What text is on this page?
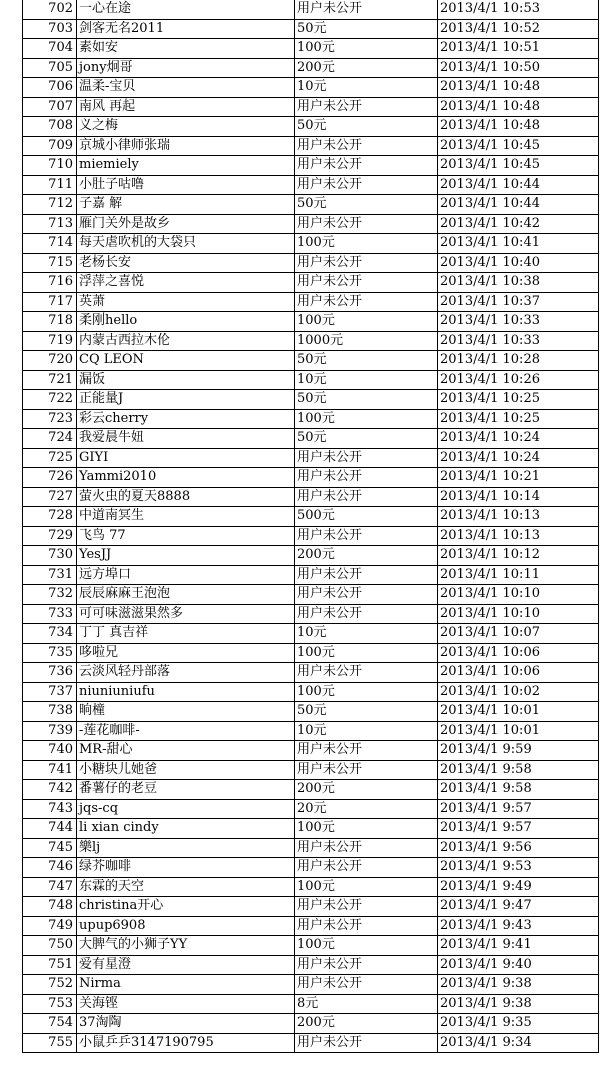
702	一心在途	用户未公开	2013/4/1 10:53
703	剑客无名2011	50元	2013/4/1 10:52
704	素如安	100元	2013/4/1 10:51
705	jony炯哥	200元	2013/4/1 10:50
706	温柔-宝贝	10元	2013/4/1 10:48
707	南风 再起	用户未公开	2013/4/1 10:48
708	义之梅	50元	2013/4/1 10:48
709	京城小律师张瑞	用户未公开	2013/4/1 10:45
710	miemiely	用户未公开	2013/4/1 10:45
711	小肚子咕噜	用户未公开	2013/4/1 10:44
712	子嘉 解	50元	2013/4/1 10:44
713	雁门关外是故乡	用户未公开	2013/4/1 10:42
714	每天虐吹机的大袋只	100元	2013/4/1 10:41
715	老杨长安	用户未公开	2013/4/1 10:40
716	浮萍之喜悦	用户未公开	2013/4/1 10:38
717	英萧	用户未公开	2013/4/1 10:37
718	柔刚hello	100元	2013/4/1 10:33
719	内蒙古西拉木伦	1000元	2013/4/1 10:33
720	CQ LEON	50元	2013/4/1 10:28
721	漏饭	10元	2013/4/1 10:26
722	正能量J	50元	2013/4/1 10:25
723	彩云cherry	100元	2013/4/1 10:25
724	我爱晨牛妞	50元	2013/4/1 10:24
725	GIYI	用户未公开	2013/4/1 10:24
726	Yammi2010	用户未公开	2013/4/1 10:21
727	萤火虫的夏天8888	用户未公开	2013/4/1 10:14
728	中道南冥生	500元	2013/4/1 10:13
729	飞鸟 77	用户未公开	2013/4/1 10:13
730	YesJJ	200元	2013/4/1 10:12
731	远方埠口	用户未公开	2013/4/1 10:11
732	辰辰麻麻王泡泡	用户未公开	2013/4/1 10:10
733	可可味滋滋果然多	用户未公开	2013/4/1 10:10
734	丁丁 真吉祥	10元	2013/4/1 10:07
735	哆啦兄	100元	2013/4/1 10:06
736	云淡风轻丹部落	用户未公开	2013/4/1 10:06
737	niuniuniufu	100元	2013/4/1 10:02
738	晌橦	50元	2013/4/1 10:01
739	-莲花咖啡-	10元	2013/4/1 10:01
740	MR-甜心	用户未公开	2013/4/1 9:59
741	小糖块儿她爸	用户未公开	2013/4/1 9:58
742	番薯仔的老豆	200元	2013/4/1 9:58
743	jqs-cq	20元	2013/4/1 9:57
744	li xian cindy	100元	2013/4/1 9:57
745	樂lj	用户未公开	2013/4/1 9:56
746	绿芥咖啡	用户未公开	2013/4/1 9:53
747	东霖的天空	100元	2013/4/1 9:49
748	christina开心	用户未公开	2013/4/1 9:47
749	upup6908	用户未公开	2013/4/1 9:43
750	大脾气的小狮子YY	100元	2013/4/1 9:41
751	爱有星澄	用户未公开	2013/4/1 9:40
752	Nirma	用户未公开	2013/4/1 9:38
753	关海铿	8元	2013/4/1 9:38
754	37淘陶	200元	2013/4/1 9:35
755	小鼠乒乒3147190795	用户未公开	2013/4/1 9:34
